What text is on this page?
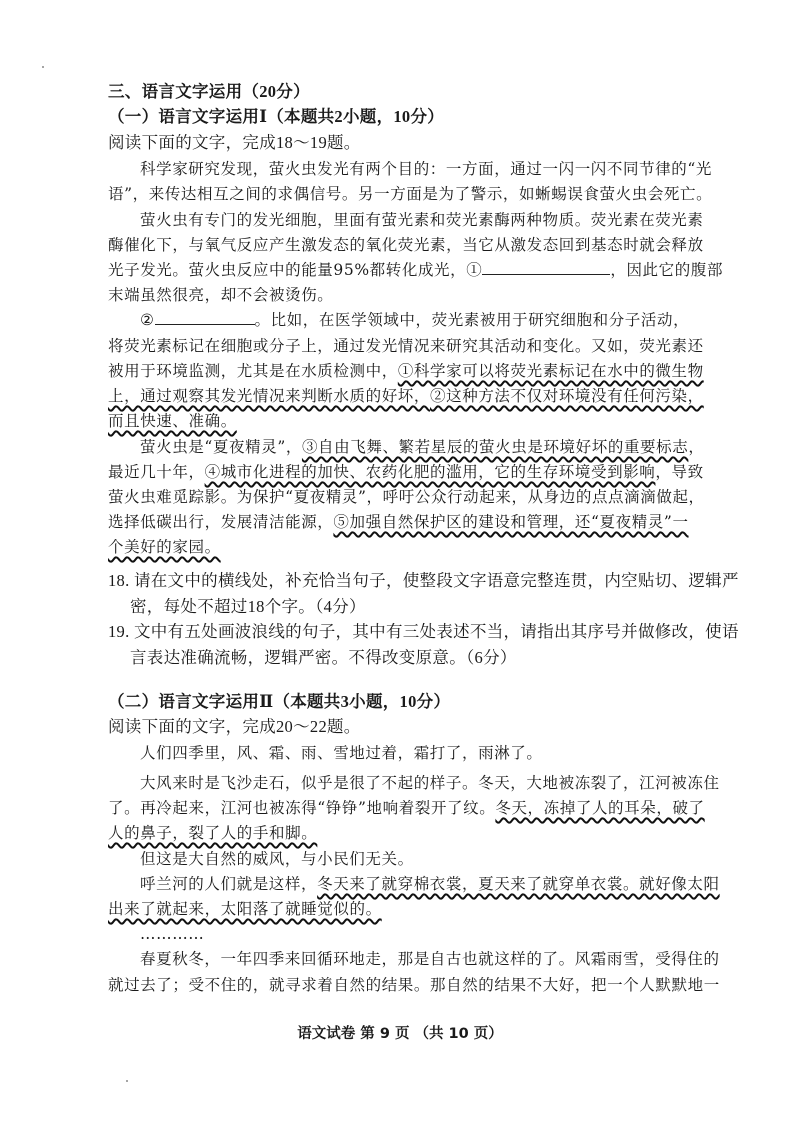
三、语言文字运用（20分）
（一）语言文字运用Ⅰ（本题共2小题，10分）
阅读下面的文字，完成18～19题。
科学家研究发现，萤火虫发光有两个目的：一方面，通过一闪一闪不同节律的“光
语”，来传达相互之间的求偶信号。另一方面是为了警示，如蜥蜴误食萤火虫会死亡。
萤火虫有专门的发光细胞，里面有萤光素和荧光素酶两种物质。荧光素在荧光素
酶催化下，与氧气反应产生激发态的氧化荧光素，当它从激发态回到基态时就会释放
光子发光。萤火虫反应中的能量95%都转化成光，①	，因此它的腹部
末端虽然很亮，却不会被烫伤。
②	。比如，在医学领域中，荧光素被用于研究细胞和分子活动，
将荧光素标记在细胞或分子上，通过发光情况来研究其活动和变化。又如，荧光素还
被用于环境监测，尤其是在水质检测中，①科学家可以将荧光素标记在水中的微生物
上，通过观察其发光情况来判断水质的好坏，②这种方法不仅对环境没有任何污染，
而且快速、准确。
萤火虫是“夏夜精灵”，③自由飞舞、繁若星辰的萤火虫是环境好坏的重要标志，
最近几十年，④城市化进程的加快、农药化肥的滥用，它的生存环境受到影响，导致
萤火虫难觅踪影。为保护“夏夜精灵”，呼吁公众行动起来，从身边的点点滴滴做起，
选择低碳出行，发展清洁能源，⑤加强自然保护区的建设和管理，还“夏夜精灵”一
个美好的家园。
18. 请在文中的横线处，补充恰当句子，使整段文字语意完整连贯，内空贴切、逻辑严
密，每处不超过18个字。（4分）
19. 文中有五处画波浪线的句子，其中有三处表述不当，请指出其序号并做修改，使语
言表达准确流畅，逻辑严密。不得改变原意。（6分）
（二）语言文字运用Ⅱ（本题共3小题，10分）
阅读下面的文字，完成20～22题。
人们四季里，风、霜、雨、雪地过着，霜打了，雨淋了。
大风来时是飞沙走石，似乎是很了不起的样子。冬天，大地被冻裂了，江河被冻住
了。再冷起来，江河也被冻得“铮铮”地响着裂开了纹。冬天，冻掉了人的耳朵，破了
人的鼻子，裂了人的手和脚。
但这是大自然的威风，与小民们无关。
呼兰河的人们就是这样，冬天来了就穿棉衣裳，夏天来了就穿单衣裳。就好像太阳
出来了就起来，太阳落了就睡觉似的。
…………
春夏秋冬，一年四季来回循环地走，那是自古也就这样的了。风霜雨雪，受得住的
就过去了；受不住的，就寻求着自然的结果。那自然的结果不大好，把一个人默默地一
语文试卷 第 9 页 （共 10 页）
